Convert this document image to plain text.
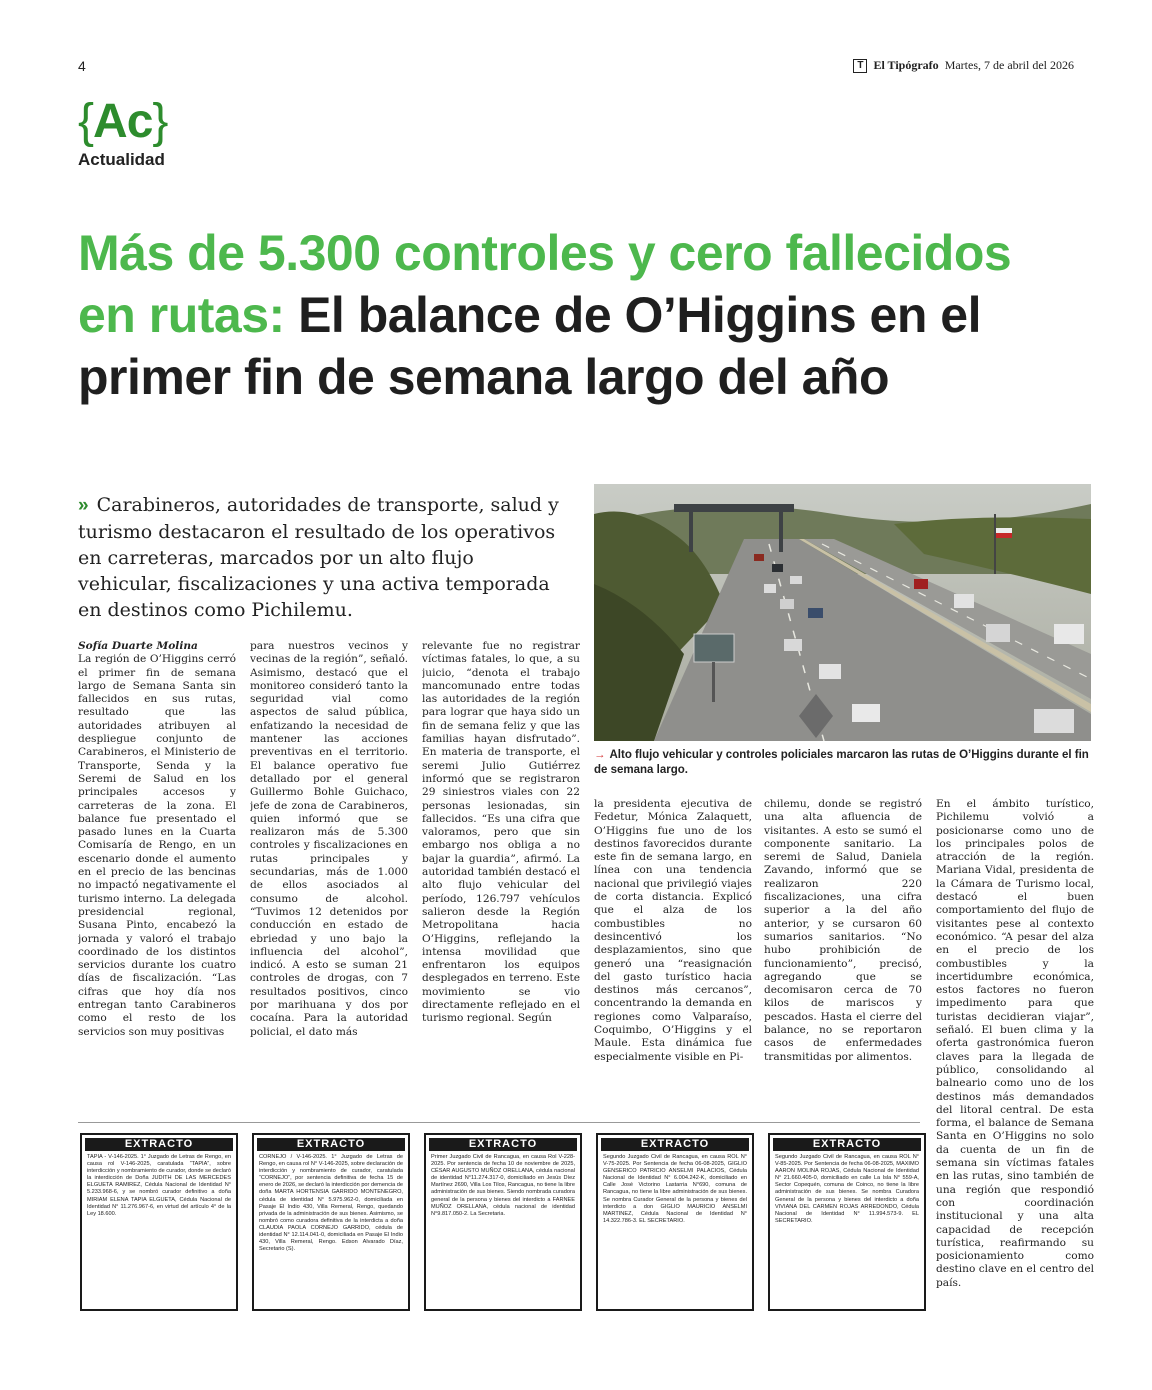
4	T El Tipógrafo Martes, 7 de abril del 2026
{Ac}
Actualidad
Más de 5.300 controles y cero fallecidos en rutas: El balance de O’Higgins en el primer fin de semana largo del año

» Carabineros, autoridades de transporte, salud y turismo destacaron el resultado de los operativos en carreteras, marcados por un alto flujo vehicular, fiscalizaciones y una activa temporada en destinos como Pichilemu.

→ Alto flujo vehicular y controles policiales marcaron las rutas de O’Higgins durante el fin de semana largo.

Sofía Duarte Molina

La región de O’Higgins cerró el primer fin de semana largo de Semana Santa sin fallecidos en sus rutas, resultado que las autoridades atribuyen al despliegue conjunto de Carabineros, el Ministerio de Transporte, Senda y la Seremi de Salud en los principales accesos y carreteras de la zona. El balance fue presentado el pasado lunes en la Cuarta Comisaría de Rengo, en un escenario donde el aumento en el precio de las bencinas no impactó negativamente el turismo interno. La delegada presidencial regional, Susana Pinto, encabezó la jornada y valoró el trabajo coordinado de los distintos servicios durante los cuatro días de fiscalización. “Las cifras que hoy día nos entregan tanto Carabineros como el resto de los servicios son muy positivas

para nuestros vecinos y vecinas de la región”, señaló. Asimismo, destacó que el monitoreo consideró tanto la seguridad vial como aspectos de salud pública, enfatizando la necesidad de mantener las acciones preventivas en el territorio. El balance operativo fue detallado por el general Guillermo Bohle Guichaco, jefe de zona de Carabineros, quien informó que se realizaron más de 5.300 controles y fiscalizaciones en rutas principales y secundarias, más de 1.000 de ellos asociados al consumo de alcohol. “Tuvimos 12 detenidos por conducción en estado de ebriedad y uno bajo la influencia del alcohol”, indicó. A esto se suman 21 controles de drogas, con 7 resultados positivos, cinco por marihuana y dos por cocaína. Para la autoridad policial, el dato más

relevante fue no registrar víctimas fatales, lo que, a su juicio, “denota el trabajo mancomunado entre todas las autoridades de la región para lograr que haya sido un fin de semana feliz y que las familias hayan disfrutado”. En materia de transporte, el seremi Julio Gutiérrez informó que se registraron 29 siniestros viales con 22 personas lesionadas, sin fallecidos. “Es una cifra que valoramos, pero que sin embargo nos obliga a no bajar la guardia”, afirmó. La autoridad también destacó el alto flujo vehicular del período, 126.797 vehículos salieron desde la Región Metropolitana hacia O’Higgins, reflejando la intensa movilidad que enfrentaron los equipos desplegados en terreno. Este movimiento se vio directamente reflejado en el turismo regional. Según

la presidenta ejecutiva de Fedetur, Mónica Zalaquett, O’Higgins fue uno de los destinos favorecidos durante este fin de semana largo, en línea con una tendencia nacional que privilegió viajes de corta distancia. Explicó que el alza de los combustibles no desincentivó los desplazamientos, sino que generó una “reasignación del gasto turístico hacia destinos más cercanos”, concentrando la demanda en regiones como Valparaíso, Coquimbo, O’Higgins y el Maule. Esta dinámica fue especialmente visible en Pi-

chilemu, donde se registró una alta afluencia de visitantes. A esto se sumó el componente sanitario. La seremi de Salud, Daniela Zavando, informó que se realizaron 220 fiscalizaciones, una cifra superior a la del año anterior, y se cursaron 60 sumarios sanitarios. “No hubo prohibición de funcionamiento”, precisó, agregando que se decomisaron cerca de 70 kilos de mariscos y pescados. Hasta el cierre del balance, no se reportaron casos de enfermedades transmitidas por alimentos.

En el ámbito turístico, Pichilemu volvió a posicionarse como uno de los principales polos de atracción de la región. Mariana Vidal, presidenta de la Cámara de Turismo local, destacó el buen comportamiento del flujo de visitantes pese al contexto económico. “A pesar del alza en el precio de los combustibles y la incertidumbre económica, estos factores no fueron impedimento para que turistas decidieran viajar”, señaló. El buen clima y la oferta gastronómica fueron claves para la llegada de público, consolidando al balneario como uno de los destinos más demandados del litoral central. De esta forma, el balance de Semana Santa en O’Higgins no solo da cuenta de un fin de semana sin víctimas fatales en las rutas, sino también de una región que respondió con coordinación institucional y una alta capacidad de recepción turística, reafirmando su posicionamiento como destino clave en el centro del país.

EXTRACTO
TAPIA - V-146-2025. 1° Juzgado de Letras de Rengo, en causa rol V-146-2025, caratulada “TAPIA”, sobre interdicción y nombramiento de curador, donde se declaró la interdicción de Doña JUDITH DE LAS MERCEDES ELGUETA RAMIREZ, Cédula Nacional de Identidad N° 5.233.968-6, y se nombró curador definitivo a doña MIRIAM ELENA TAPIA ELGUETA, Cédula Nacional de Identidad N° 11.276.967-6, en virtud del artículo 4° de la Ley 18.600.
EXTRACTO
CORNEJO / V-146-2025. 1° Juzgado de Letras de Rengo, en causa rol N° V-146-2025, sobre declaración de interdicción y nombramiento de curador, caratulada “CORNEJO”, por sentencia definitiva de fecha 15 de enero de 2026, se declaró la interdicción por demencia de doña MARTA HORTENSIA GARRIDO MONTENEGRO, cédula de identidad N° 5.975.962-0, domiciliada en Pasaje El Indio 430, Villa Remeral, Rengo, quedando privada de la administración de sus bienes. Asimismo, se nombró como curadora definitiva de la interdicta a doña CLAUDIA PAOLA CORNEJO GARRIDO, cédula de identidad N° 12.114.041-0, domiciliada en Pasaje El Indio 430, Villa Remeral, Rengo. Edson Alvarado Díaz, Secretario (S).
EXTRACTO
Primer Juzgado Civil de Rancagua, en causa Rol V-228-2025. Por sentencia de fecha 10 de noviembre de 2025, CÉSAR AUGUSTO MUÑOZ ORELLANA, cédula nacional de identidad N°11.274.317-0, domiciliado en Jesús Díez Martínez 2690, Villa Los Tilos, Rancagua, no tiene la libre administración de sus bienes. Siendo nombrada curadora general de la persona y bienes del interdicto a FARNEE MUÑOZ ORELLANA, cédula nacional de identidad N°9.817.050-2. La Secretaria.
EXTRACTO
Segundo Juzgado Civil de Rancagua, en causa ROL N° V-75-2025. Por Sentencia de fecha 06-08-2025, GIGLIO GENSERICO PATRICIO ANSELMI PALACIOS, Cédula Nacional de Identidad N° 6.004.242-K, domiciliado en Calle José Victorino Lastarria N°690, comuna de Rancagua, no tiene la libre administración de sus bienes. Se nombra Curador General de la persona y bienes del interdicto a don GIGLIO MAURICIO ANSELMI MARTINEZ, Cédula Nacional de Identidad N° 14.322.786-3. EL SECRETARIO.
EXTRACTO
Segundo Juzgado Civil de Rancagua, en causa ROL N° V-85-2025. Por Sentencia de fecha 06-08-2025, MAXIMO AARON MOLINA ROJAS, Cédula Nacional de Identidad N° 21.660.405-0, domiciliado en calle La Isla N° 559-A, Sector Copequén, comuna de Coinco, no tiene la libre administración de sus bienes. Se nombra Curadora General de la persona y bienes del interdicto a doña VIVIANA DEL CARMEN ROJAS ARREDONDO, Cédula Nacional de Identidad N° 11.994.573-9. EL SECRETARIO.
